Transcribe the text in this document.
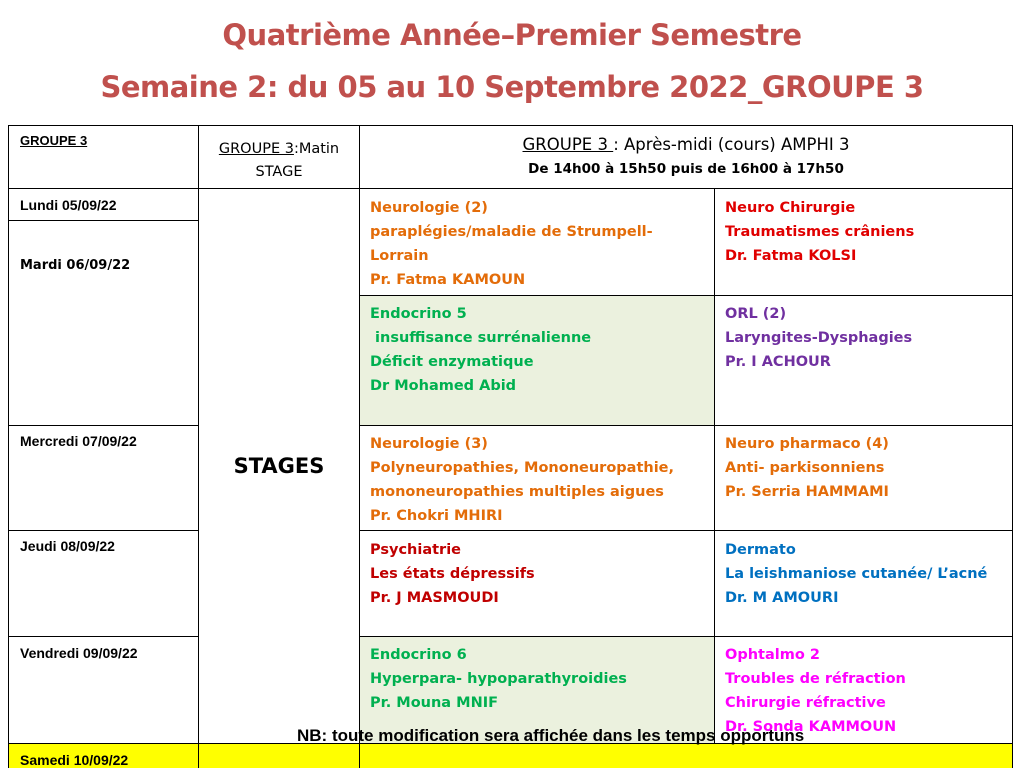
Quatrième Année–Premier Semestre
Semaine 2: du 05 au 10 Septembre 2022_GROUPE 3
GROUPE 3
GROUPE 3:Matin
STAGE
GROUPE 3 : Après-midi (cours) AMPHI 3
De 14h00 à 15h50 puis de 16h00 à 17h50
Lundi 05/09/22
Mardi 06/09/22
Mercredi 07/09/22
Jeudi 08/09/22
Vendredi 09/09/22
Samedi 10/09/22
STAGES
Neurologie (2)
paraplégies/maladie de Strumpell-
Lorrain
Pr. Fatma KAMOUN
Neuro Chirurgie
Traumatismes crâniens
Dr. Fatma KOLSI
Endocrino 5
insuffisance surrénalienne
Déficit enzymatique
Dr Mohamed Abid
ORL (2)
Laryngites-Dysphagies
Pr. I ACHOUR
Neurologie (3)
Polyneuropathies, Mononeuropathie,
mononeuropathies multiples aigues
Pr. Chokri MHIRI
Neuro pharmaco (4)
Anti- parkisonniens
Pr. Serria HAMMAMI
Psychiatrie
Les états dépressifs
Pr. J MASMOUDI
Dermato
La leishmaniose cutanée/ L’acné
Dr. M AMOURI
Endocrino 6
Hyperpara- hypoparathyroidies
Pr. Mouna MNIF
Ophtalmo 2
Troubles de réfraction
Chirurgie réfractive
Dr. Sonda KAMMOUN
NB: toute modification sera affichée dans les temps opportuns
